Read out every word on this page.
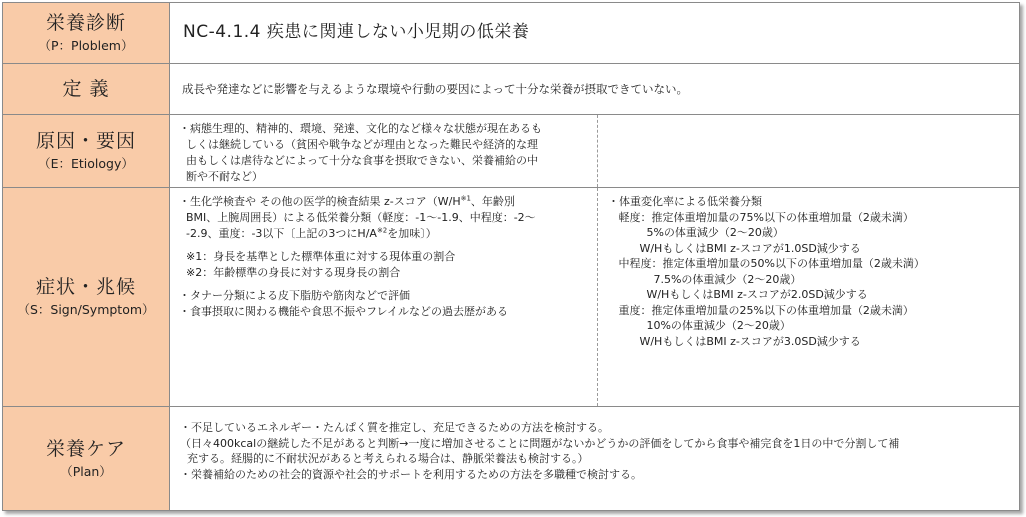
栄養診断
（P：Ploblem）
NC-4.1.4 疾患に関連しない小児期の低栄養
定 義	成長や発達などに影響を与えるような環境や行動の要因によって十分な栄養が摂取できていない。
原因・要因
（E：Etiology）

・病態生理的、精神的、環境、発達、文化的など様々な状態が現在あるも

しくは継続している（貧困や戦争などが理由となった難民や経済的な理

由もしくは虐待などによって十分な食事を摂取できない、栄養補給の中

断や不耐など）

症状・兆候
（S：Sign/Symptom）

・生化学検査や その他の医学的検査結果 z-スコア（$W/H^{※1}$、年齢別

BMI、上腕周囲長）による低栄養分類（軽度：-1～-1.9、中程度：-2～

-2.9、重度：-3以下〔上記の3つに$H/A^{※2}$を加味〕）

※1：身長を基準とした標準体重に対する現体重の割合

※2：年齢標準の身長に対する現身長の割合

・タナー分類による皮下脂肪や筋肉などで評価

・食事摂取に関わる機能や食思不振やフレイルなどの過去歴がある

・体重変化率による低栄養分類

軽度：推定体重増加量の75%以下の体重増加量（2歳未満）

5%の体重減少（2～20歳）

W/HもしくはBMI z-スコアが1.0SD減少する

中程度：推定体重増加量の50%以下の体重増加量（2歳未満）

7.5%の体重減少（2～20歳）

W/HもしくはBMI z-スコアが2.0SD減少する

重度：推定体重増加量の25%以下の体重増加量（2歳未満）

10%の体重減少（2～20歳）

W/HもしくはBMI z-スコアが3.0SD減少する

栄養ケア
（Plan）

・不足しているエネルギー・たんぱく質を推定し、充足できるための方法を検討する。

（日々400kcalの継続した不足があると判断→一度に増加させることに問題がないかどうかの評価をしてから食事や補完食を1日の中で分割して補

充する。経腸的に不耐状況があると考えられる場合は、静脈栄養法も検討する。）

・栄養補給のための社会的資源や社会的サポートを利用するための方法を多職種で検討する。
